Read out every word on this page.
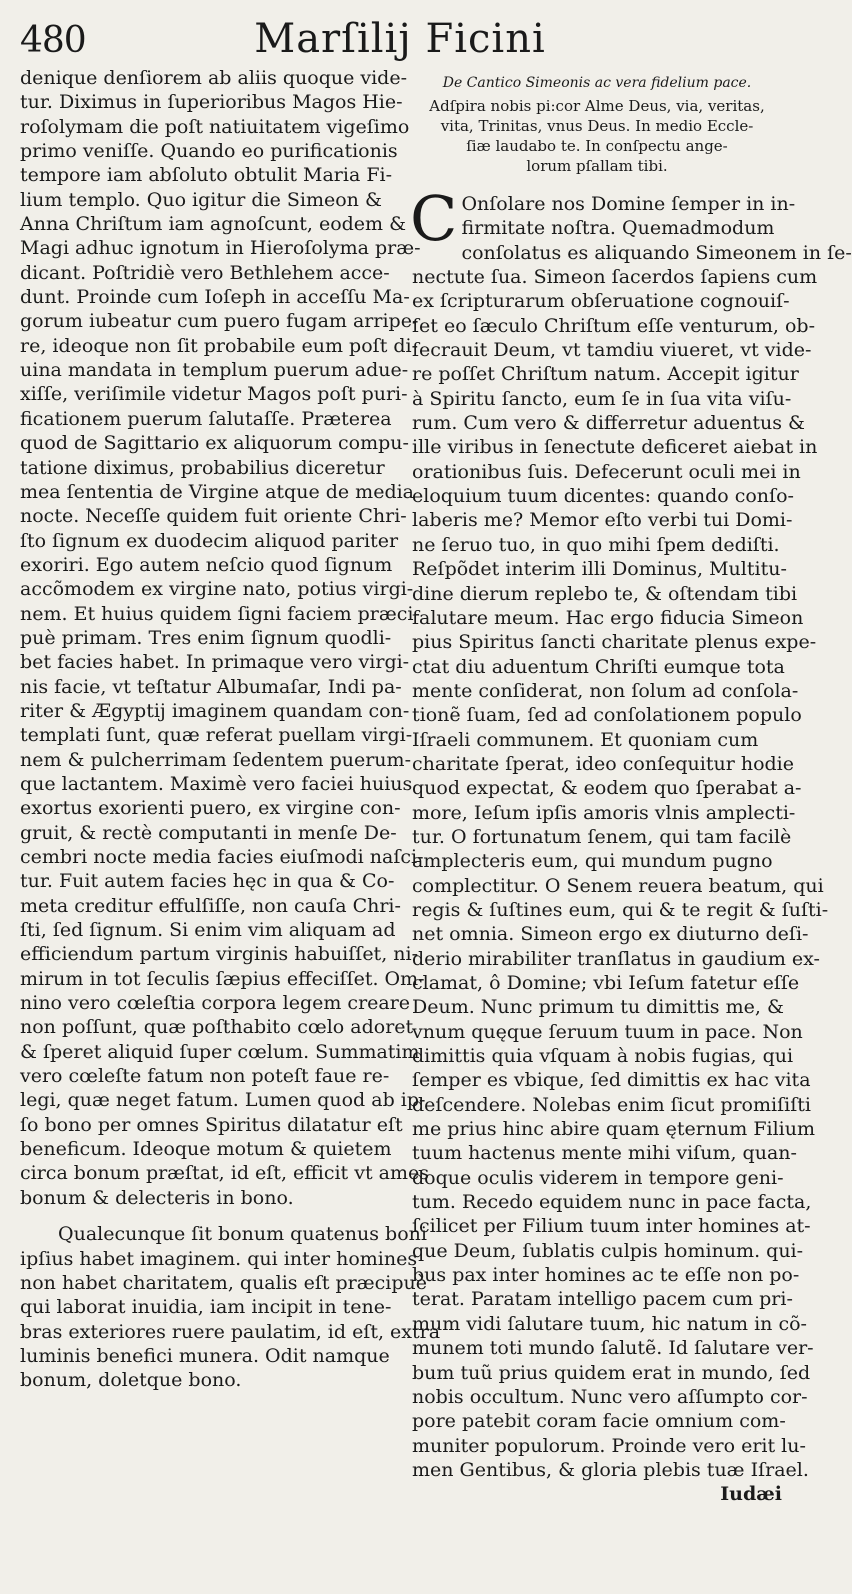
480	Marſilij Ficini
denique denſiorem ab aliis quoque vide-
tur. Diximus in ſuperioribus Magos Hie-
roſolymam die poſt natiuitatem vigeſimo
primo veniſſe. Quando eo purificationis
tempore iam abſoluto obtulit Maria Fi-
lium templo. Quo igitur die Simeon &
Anna Chriſtum iam agnoſcunt, eodem &
Magi adhuc ignotum in Hieroſolyma præ-
dicant. Poſtridiè vero Bethlehem acce-
dunt. Proinde cum Ioſeph in acceſſu Ma-
gorum iubeatur cum puero fugam arripe-
re, ideoque non ſit probabile eum poſt di-
uina mandata in templum puerum adue-
xiſſe, veriſimile videtur Magos poſt puri-
ficationem puerum ſalutaſſe. Præterea
quod de Sagittario ex aliquorum compu-
tatione diximus, probabilius diceretur
mea ſententia de Virgine atque de media
nocte. Neceſſe quidem fuit oriente Chri-
ſto ſignum ex duodecim aliquod pariter
exoriri. Ego autem neſcio quod ſignum
accõmodem ex virgine nato, potius virgi-
nem. Et huius quidem ſigni faciem præci-
puè primam. Tres enim ſignum quodli-
bet facies habet. In primaque vero virgi-
nis facie, vt teſtatur Albumaſar, Indi pa-
riter & Ægyptij imaginem quandam con-
templati ſunt, quæ referat puellam virgi-
nem & pulcherrimam ſedentem puerum-
que lactantem. Maximè vero faciei huius
exortus exorienti puero, ex virgine con-
gruit, & rectè computanti in menſe De-
cembri nocte media facies eiuſmodi naſci-
tur. Fuit autem facies hęc in qua & Co-
meta creditur effulſiſſe, non cauſa Chri-
ſti, ſed ſignum. Si enim vim aliquam ad
efficiendum partum virginis habuiſſet, ni-
mirum in tot ſeculis ſæpius effeciſſet. Om-
nino vero cœleſtia corpora legem creare
non poſſunt, quæ poſthabito cœlo adoret
& ſperet aliquid ſuper cœlum. Summatim
vero cœleſte fatum non poteſt faue re-
legi, quæ neget fatum. Lumen quod ab ip-
ſo bono per omnes Spiritus dilatatur eſt
beneficum. Ideoque motum & quietem
circa bonum præſtat, id eſt, efficit vt ames
bonum & delecteris in bono.
Qualecunque ſit bonum quatenus boni
ipſius habet imaginem. qui inter homines
non habet charitatem, qualis eſt præcipuè
qui laborat inuidia, iam incipit in tene-
bras exteriores ruere paulatim, id eſt, extra
luminis benefici munera. Odit namque
bonum, doletque bono.
De Cantico Simeonis ac vera fidelium pace.
Adſpira nobis pi:cor Alme Deus, via, veritas,
vita, Trinitas, vnus Deus. In medio Eccle-
ſiæ laudabo te. In conſpectu ange-
lorum pſallam tibi.
C Onſolare nos Domine ſemper in in-
firmitate noſtra. Quemadmodum
conſolatus es aliquando Simeonem in ſe-
nectute ſua. Simeon ſacerdos ſapiens cum
ex ſcripturarum obſeruatione cognouiſ-
ſet eo ſæculo Chriſtum eſſe venturum, ob-
ſecrauit Deum, vt tamdiu viueret, vt vide-
re poſſet Chriſtum natum. Accepit igitur
à Spiritu ſancto, eum ſe in ſua vita viſu-
rum. Cum vero & differretur aduentus &
ille viribus in ſenectute deficeret aiebat in
orationibus ſuis. Defecerunt oculi mei in
eloquium tuum dicentes: quando conſo-
laberis me? Memor eſto verbi tui Domi-
ne ſeruo tuo, in quo mihi ſpem dediſti.
Reſpõdet interim illi Dominus, Multitu-
dine dierum replebo te, & oſtendam tibi
ſalutare meum. Hac ergo fiducia Simeon
pius Spiritus ſancti charitate plenus expe-
ctat diu aduentum Chriſti eumque tota
mente conſiderat, non ſolum ad conſola-
tionẽ ſuam, ſed ad conſolationem populo
Iſraeli communem. Et quoniam cum
charitate ſperat, ideo conſequitur hodie
quod expectat, & eodem quo ſperabat a-
more, Ieſum ipſis amoris vlnis amplecti-
tur. O fortunatum ſenem, qui tam facilè
amplecteris eum, qui mundum pugno
complectitur. O Senem reuera beatum, qui
regis & ſuſtines eum, qui & te regit & ſuſti-
net omnia. Simeon ergo ex diuturno deſi-
derio mirabiliter tranſlatus in gaudium ex-
clamat, ô Domine; vbi Ieſum fatetur eſſe
Deum. Nunc primum tu dimittis me, &
vnum quęque ſeruum tuum in pace. Non
dimittis quia vſquam à nobis fugias, qui
ſemper es vbique, ſed dimittis ex hac vita
deſcendere. Nolebas enim ſicut promiſiſti
me prius hinc abire quam ęternum Filium
tuum hactenus mente mihi viſum, quan-
doque oculis viderem in tempore geni-
tum. Recedo equidem nunc in pace facta,
ſcilicet per Filium tuum inter homines at-
que Deum, ſublatis culpis hominum. qui-
bus pax inter homines ac te eſſe non po-
terat. Paratam intelligo pacem cum pri-
mum vidi ſalutare tuum, hic natum in cõ-
munem toti mundo ſalutẽ. Id ſalutare ver-
bum tuũ prius quidem erat in mundo, ſed
nobis occultum. Nunc vero aſſumpto cor-
pore patebit coram facie omnium com-
muniter populorum. Proinde vero erit lu-
men Gentibus, & gloria plebis tuæ Iſrael.
Iudæi
